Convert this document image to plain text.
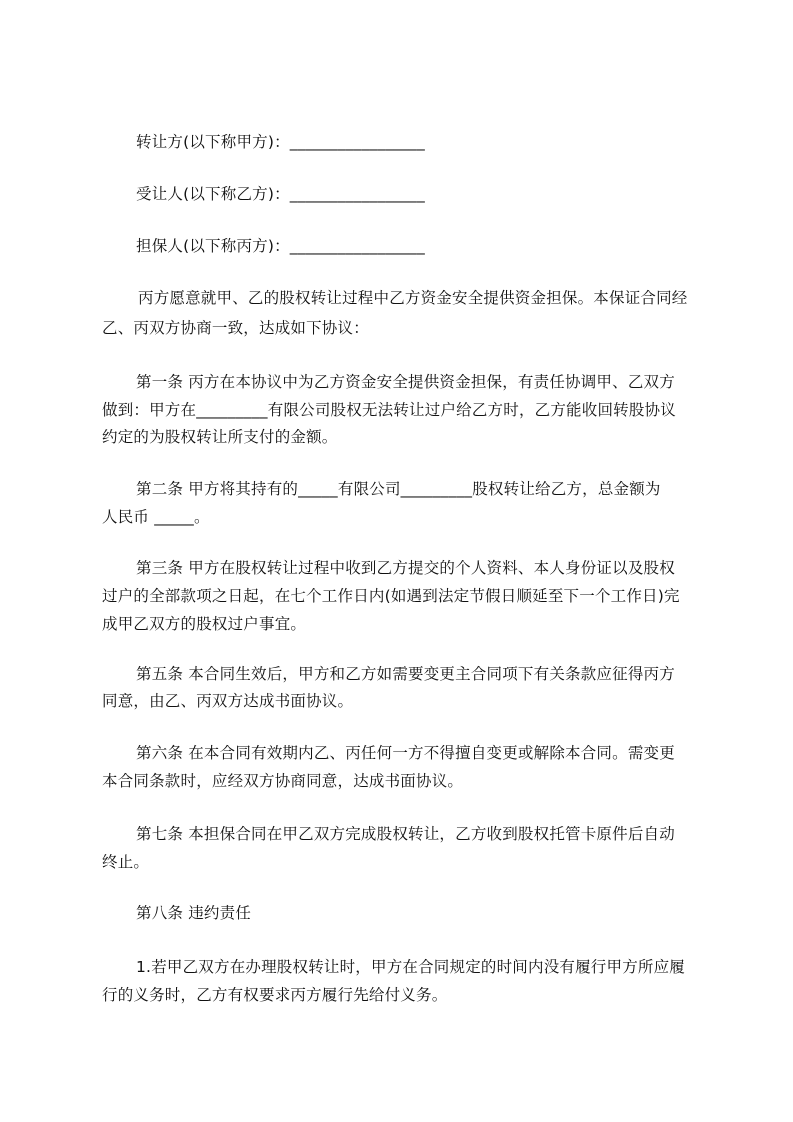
转让方(以下称甲方)：_________________
受让人(以下称乙方)：_________________
担保人(以下称丙方)：_________________
丙方愿意就甲、乙的股权转让过程中乙方资金安全提供资金担保。本保证合同经
乙、丙双方协商一致，达成如下协议：
第一条 丙方在本协议中为乙方资金安全提供资金担保，有责任协调甲、乙双方
做到：甲方在_________有限公司股权无法转让过户给乙方时，乙方能收回转股协议
约定的为股权转让所支付的金额。
第二条 甲方将其持有的_____有限公司_________股权转让给乙方，总金额为
人民币 _____。
第三条 甲方在股权转让过程中收到乙方提交的个人资料、本人身份证以及股权
过户的全部款项之日起，在七个工作日内(如遇到法定节假日顺延至下一个工作日)完
成甲乙双方的股权过户事宜。
第五条 本合同生效后，甲方和乙方如需要变更主合同项下有关条款应征得丙方
同意，由乙、丙双方达成书面协议。
第六条 在本合同有效期内乙、丙任何一方不得擅自变更或解除本合同。需变更
本合同条款时，应经双方协商同意，达成书面协议。
第七条 本担保合同在甲乙双方完成股权转让，乙方收到股权托管卡原件后自动
终止。
第八条 违约责任
1.若甲乙双方在办理股权转让时，甲方在合同规定的时间内没有履行甲方所应履
行的义务时，乙方有权要求丙方履行先给付义务。
